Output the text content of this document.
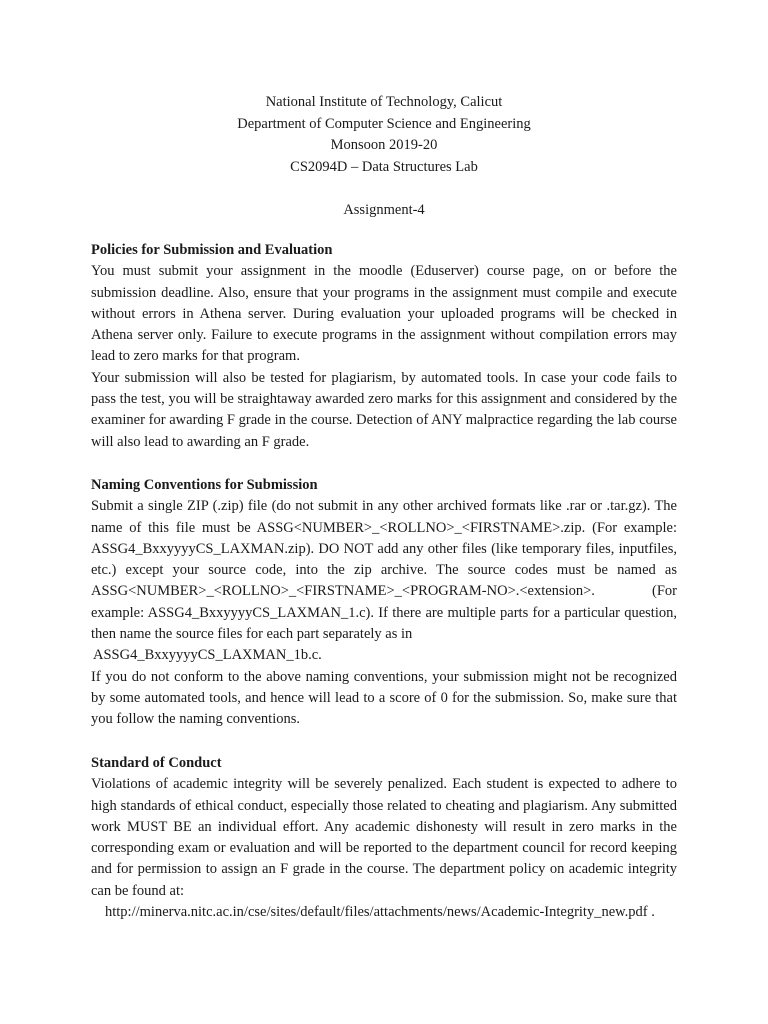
National Institute of Technology, Calicut
Department of Computer Science and Engineering
Monsoon 2019-20
CS2094D – Data Structures Lab
Assignment-4
Policies for Submission and Evaluation

You must submit your assignment in the moodle (Eduserver) course page, on or before the submission deadline. Also, ensure that your programs in the assignment must compile and execute without errors in Athena server. During evaluation your uploaded programs will be checked in Athena server only. Failure to execute programs in the assignment without compilation errors may lead to zero marks for that program.

Your submission will also be tested for plagiarism, by automated tools. In case your code fails to pass the test, you will be straightaway awarded zero marks for this assignment and considered by the examiner for awarding F grade in the course. Detection of ANY malpractice regarding the lab course will also lead to awarding an F grade.

Naming Conventions for Submission

Submit a single ZIP (.zip) file (do not submit in any other archived formats like .rar or .tar.gz). The name of this file must be ASSG<NUMBER>_<ROLLNO>_<FIRSTNAME>.zip. (For example: ASSG4_BxxyyyyCS_LAXMAN.zip). DO NOT add any other files (like temporary files, inputfiles, etc.) except your source code, into the zip archive. The source codes must be named as ASSG<NUMBER>_<ROLLNO>_<FIRSTNAME>_<PROGRAM-NO>.<extension>. (For example: ASSG4_BxxyyyyCS_LAXMAN_1.c). If there are multiple parts for a particular question, then name the source files for each part separately as in

ASSG4_BxxyyyyCS_LAXMAN_1b.c.

If you do not conform to the above naming conventions, your submission might not be recognized by some automated tools, and hence will lead to a score of 0 for the submission. So, make sure that you follow the naming conventions.

Standard of Conduct

Violations of academic integrity will be severely penalized. Each student is expected to adhere to high standards of ethical conduct, especially those related to cheating and plagiarism. Any submitted work MUST BE an individual effort. Any academic dishonesty will result in zero marks in the corresponding exam or evaluation and will be reported to the department council for record keeping and for permission to assign an F grade in the course. The department policy on academic integrity can be found at:

http://minerva.nitc.ac.in/cse/sites/default/files/attachments/news/Academic-Integrity_new.pdf .
